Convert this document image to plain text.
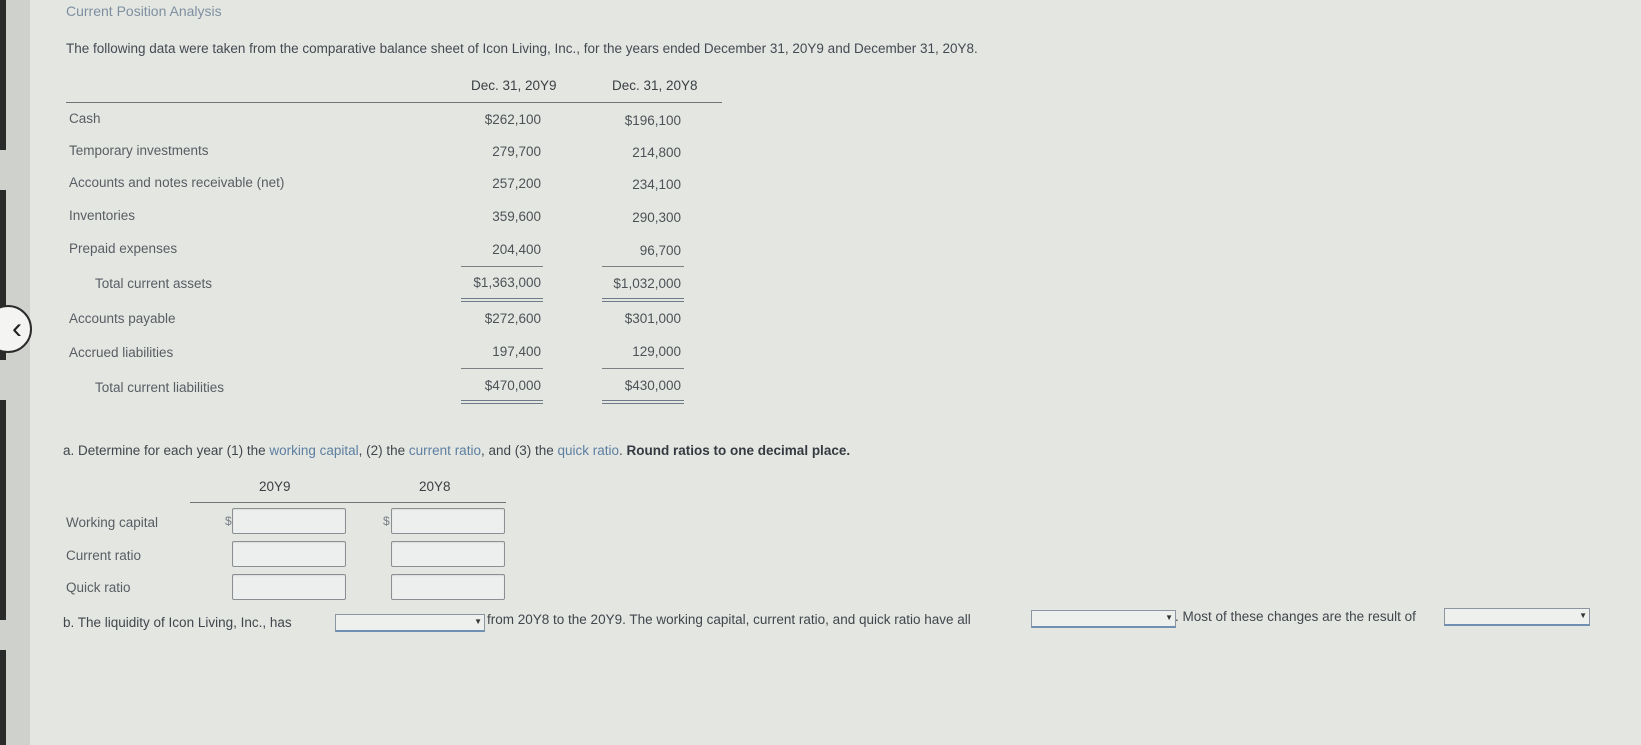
‹
Current Position Analysis
The following data were taken from the comparative balance sheet of Icon Living, Inc., for the years ended December 31, 20Y9 and December 31, 20Y8.
Dec. 31, 20Y9	Dec. 31, 20Y8
Cash	$262,100	$196,100
Temporary investments	279,700	214,800
Accounts and notes receivable (net)	257,200	234,100
Inventories	359,600	290,300
Prepaid expenses	204,400	96,700
Total current assets	$1,363,000	$1,032,000
Accounts payable	$272,600	$301,000
Accrued liabilities	197,400	129,000
Total current liabilities	$470,000	$430,000
a. Determine for each year (1) the working capital, (2) the current ratio, and (3) the quick ratio. Round ratios to one decimal place.
20Y9	20Y8
Working capital	$	$
Current ratio
Quick ratio
b. The liquidity of Icon Living, Inc., has	▼ from 20Y8 to the 20Y9. The working capital, current ratio, and quick ratio have all	▼ . Most of these changes are the result of	▼
